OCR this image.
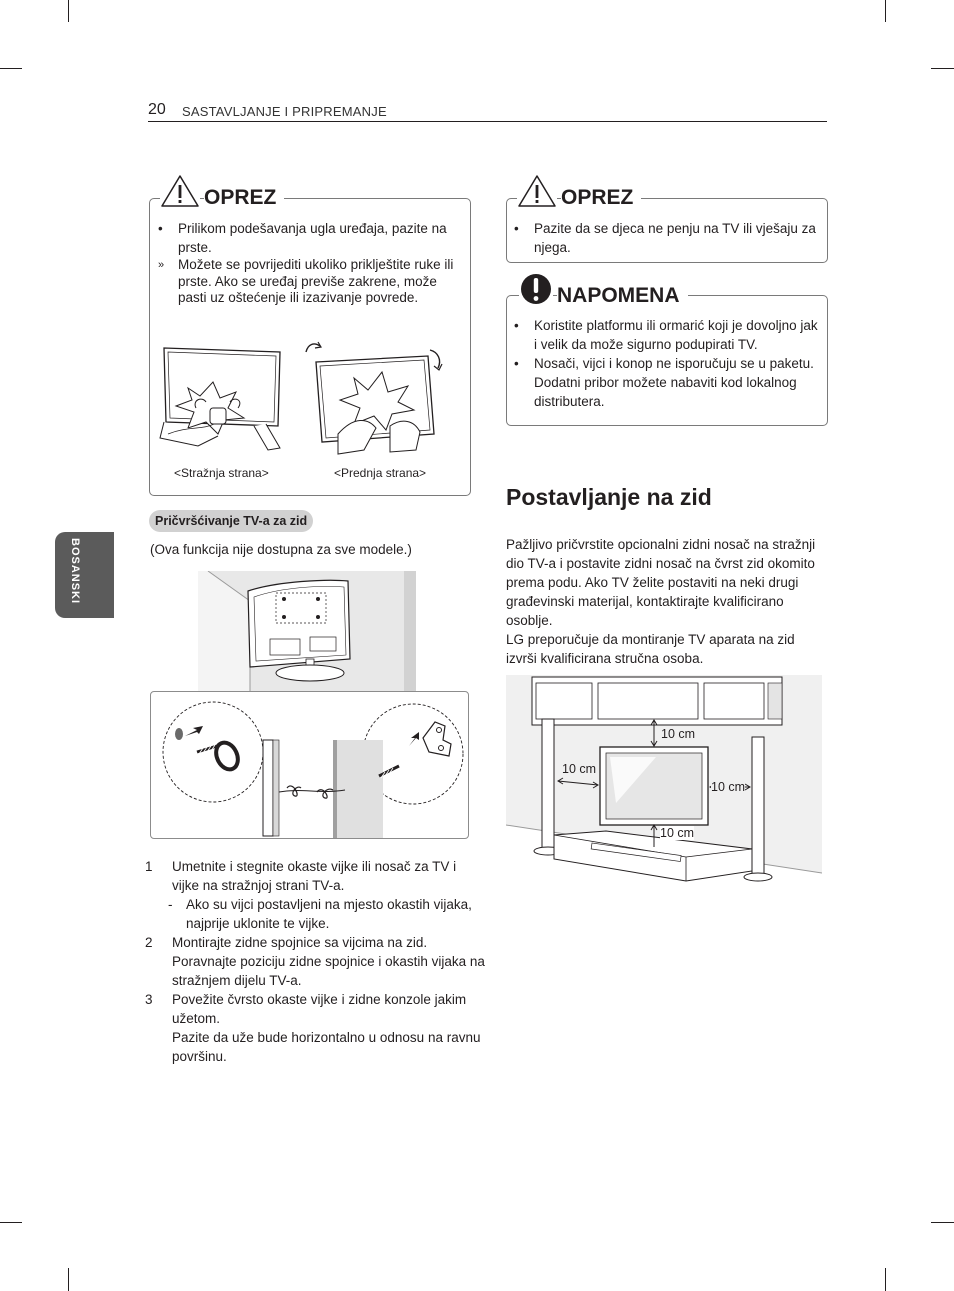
20 SASTAVLJANJE I PRIPREMANJE
BOSANSKI
OPREZ
• Prilikom podešavanja ugla uređaja, pazite na prste.
» Možete se povrijediti ukoliko priklještite ruke ili prste. Ako se uređaj previše zakrene, može pasti uz oštećenje ili izazivanje povrede.
<Stražnja strana>	<Prednja strana>
Pričvršćivanje TV-a za zid
(Ova funkcija nije dostupna za sve modele.)
1 Umetnite i stegnite okaste vijke ili nosač za TV i vijke na stražnjoj strani TV-a.
- Ako su vijci postavljeni na mjesto okastih vijaka, najprije uklonite te vijke.
2 Montirajte zidne spojnice sa vijcima na zid. Poravnajte poziciju zidne spojnice i okastih vijaka na stražnjem dijelu TV-a.
3 Povežite čvrsto okaste vijke i zidne konzole jakim užetom.
Pazite da uže bude horizontalno u odnosu na ravnu površinu.
OPREZ
• Pazite da se djeca ne penju na TV ili vješaju za njega.
NAPOMENA
• Koristite platformu ili ormarić koji je dovoljno jak i velik da može sigurno podupirati TV.
• Nosači, vijci i konop ne isporučuju se u paketu. Dodatni pribor možete nabaviti kod lokalnog distributera.
Postavljanje na zid

Pažljivo pričvrstite opcionalni zidni nosač na stražnji dio TV-a i postavite zidni nosač na čvrst zid okomito prema podu. Ako TV želite postaviti na neki drugi građevinski materijal, kontaktirajte kvalificirano osoblje.

LG preporučuje da montiranje TV aparata na zid izvrši kvalificirana stručna osoba.

10 cm
10 cm
10 cm
10 cm
